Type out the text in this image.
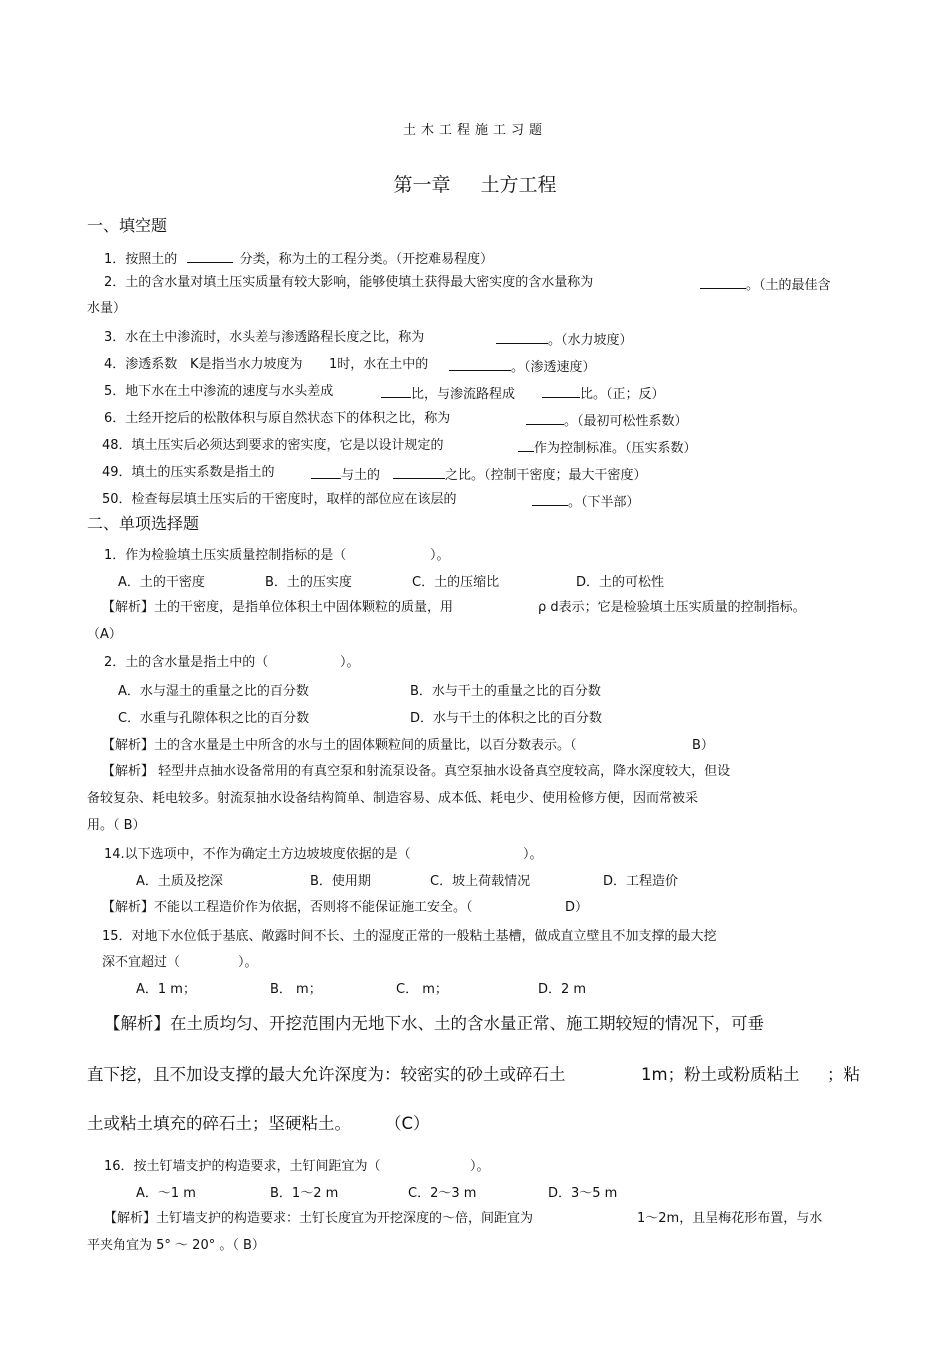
土木工程施工习题
第一章 土方工程
一、填空题
1．按照土的	分类，称为土的工程分类。（开挖难易程度）
2．土的含水量对填土压实质量有较大影响，能够使填土获得最大密实度的含水量称为	。（土的最佳含
水量）
3．水在土中渗流时，水头差与渗透路程长度之比，称为	。（水力坡度）
4．渗透系数 K是指当水力坡度为 1时，水在土中的	。（渗透速度）
5．地下水在土中渗流的速度与水头差成	比，与渗流路程成	比。（正；反）
6．土经开挖后的松散体积与原自然状态下的体积之比，称为	。（最初可松性系数）
48．填土压实后必须达到要求的密实度，它是以设计规定的	作为控制标准。（压实系数）
49．填土的压实系数是指土的	与土的	之比。（控制干密度；最大干密度）
50．检查每层填土压实后的干密度时，取样的部位应在该层的	。（下半部）
二、单项选择题
1．作为检验填土压实质量控制指标的是（	）。
A．土的干密度	B．土的压实度	C．土的压缩比	D．土的可松性
【解析】土的干密度，是指单位体积土中固体颗粒的质量，用	ρ d表示；它是检验填土压实质量的控制指标。
（A）
2．土的含水量是指土中的（	）。
A．水与湿土的重量之比的百分数	B．水与干土的重量之比的百分数
C．水重与孔隙体积之比的百分数	D．水与干土的体积之比的百分数
【解析】土的含水量是土中所含的水与土的固体颗粒间的质量比，以百分数表示。（	B）
【解析】 轻型井点抽水设备常用的有真空泵和射流泵设备。真空泵抽水设备真空度较高，降水深度较大，但设
备较复杂、耗电较多。射流泵抽水设备结构简单、制造容易、成本低、耗电少、使用检修方便，因而常被采
用。（ B）
14.以下选项中，不作为确定土方边坡坡度依据的是（	）。
A．土质及挖深	B．使用期	C．坡上荷载情况	D．工程造价
【解析】不能以工程造价作为依据，否则将不能保证施工安全。（	D）
15．对地下水位低于基底、敞露时间不长、土的湿度正常的一般粘土基槽，做成直立壁且不加支撑的最大挖
深不宜超过（	）。
A．1 m；	B． m；	C． m；	D．2 m
【解析】在土质均匀、开挖范围内无地下水、土的含水量正常、施工期较短的情况下，可垂
直下挖，且不加设支撑的最大允许深度为：较密实的砂土或碎石土	1m；粉土或粉质粘土 ；粘
土或粘土填充的碎石土；坚硬粘土。 （C）
16．按土钉墙支护的构造要求，土钉间距宜为（	）。
A．～1 m	B．1～2 m	C．2～3 m	D．3～5 m
【解析】土钉墙支护的构造要求：土钉长度宜为开挖深度的～倍，间距宜为	1～2m，且呈梅花形布置，与水
平夹角宜为 5° ～ 20° 。（ B）
